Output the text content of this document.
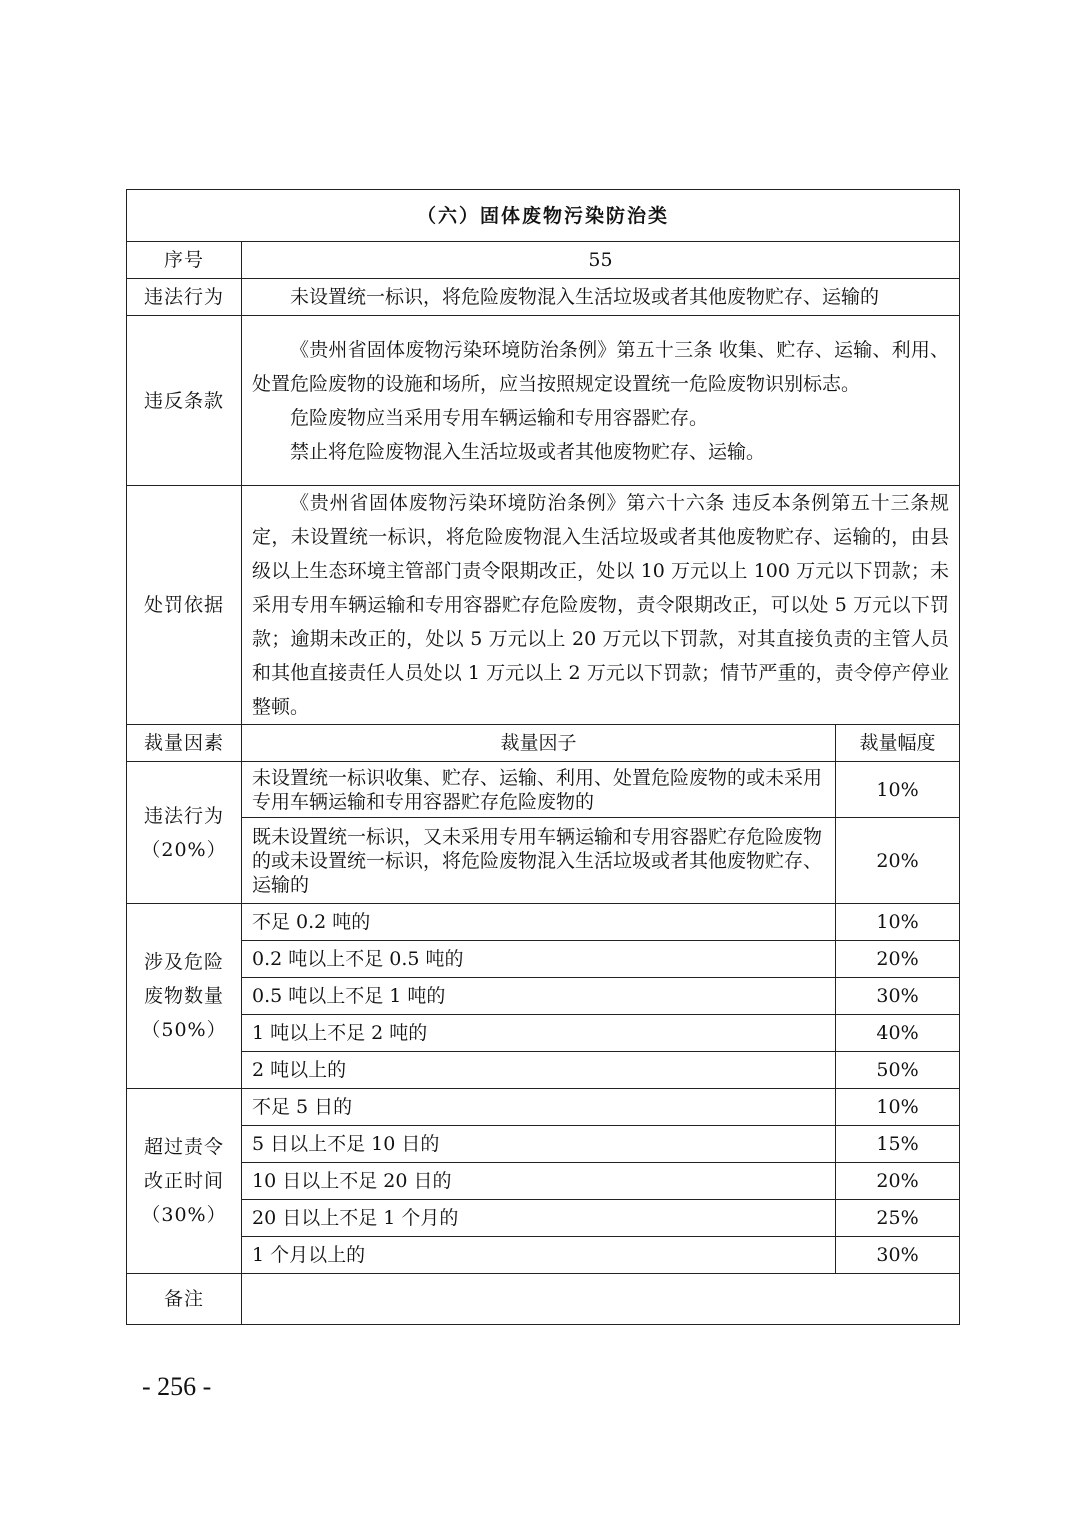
（六）固体废物污染防治类		
序号	55	
违法行为	未设置统一标识，将危险废物混入生活垃圾或者其他废物贮存、运输的	

违反条款	《贵州省固体废物污染环境防治条例》第五十三条 收集、贮存、运输、利用、处置危险废物的设施和场所，应当按照规定设置统一危险废物识别标志。

危险废物应当采用专用车辆运输和专用容器贮存。

禁止将危险废物混入生活垃圾或者其他废物贮存、运输。	

处罚依据	《贵州省固体废物污染环境防治条例》第六十六条 违反本条例第五十三条规定，未设置统一标识，将危险废物混入生活垃圾或者其他废物贮存、运输的，由县级以上生态环境主管部门责令限期改正，处以 10 万元以上 100 万元以下罚款；未采用专用车辆运输和专用容器贮存危险废物，责令限期改正，可以处 5 万元以下罚款；逾期未改正的，处以 5 万元以上 20 万元以下罚款，对其直接负责的主管人员和其他直接责任人员处以 1 万元以上 2 万元以下罚款；情节严重的，责令停产停业整顿。	

裁量因素	裁量因子	裁量幅度

违法行为
（20%）	未设置统一标识收集、贮存、运输、利用、处置危险废物的或未采用专用车辆运输和专用容器贮存危险废物的	10%
	既未设置统一标识，又未采用专用车辆运输和专用容器贮存危险废物的或未设置统一标识，将危险废物混入生活垃圾或者其他废物贮存、运输的	20%

涉及危险
废物数量
（50%）	不足 0.2 吨的	10%
	0.2 吨以上不足 0.5 吨的	20%
	0.5 吨以上不足 1 吨的	30%
	1 吨以上不足 2 吨的	40%
	2 吨以上的	50%

超过责令
改正时间
（30%）	不足 5 日的	10%
	5 日以上不足 10 日的	15%
	10 日以上不足 20 日的	20%
	20 日以上不足 1 个月的	25%
	1 个月以上的	30%
备注		
- 256 -
